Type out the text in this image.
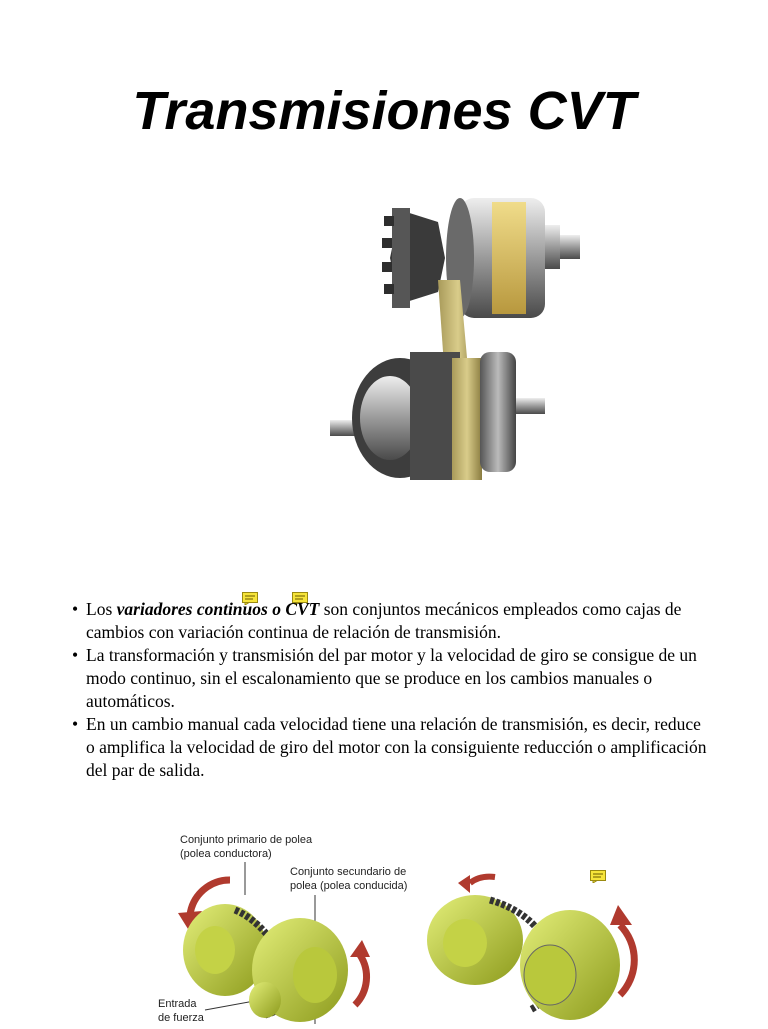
Transmisiones CVT
• Los variadores continuos o CVT son conjuntos mecánicos empleados como cajas de cambios con variación continua de relación de transmisión.
• La transformación y transmisión del par motor y la velocidad de giro se consigue de un modo continuo, sin el escalonamiento que se produce en los cambios manuales o automáticos.
• En un cambio manual cada velocidad tiene una relación de transmisión, es decir, reduce o amplifica la velocidad de giro del motor con la consiguiente reducción o amplificación del par de salida.
Conjunto primario de polea
(polea conductora)
Conjunto secundario de
polea (polea conducida)
Entrada
de fuerza
